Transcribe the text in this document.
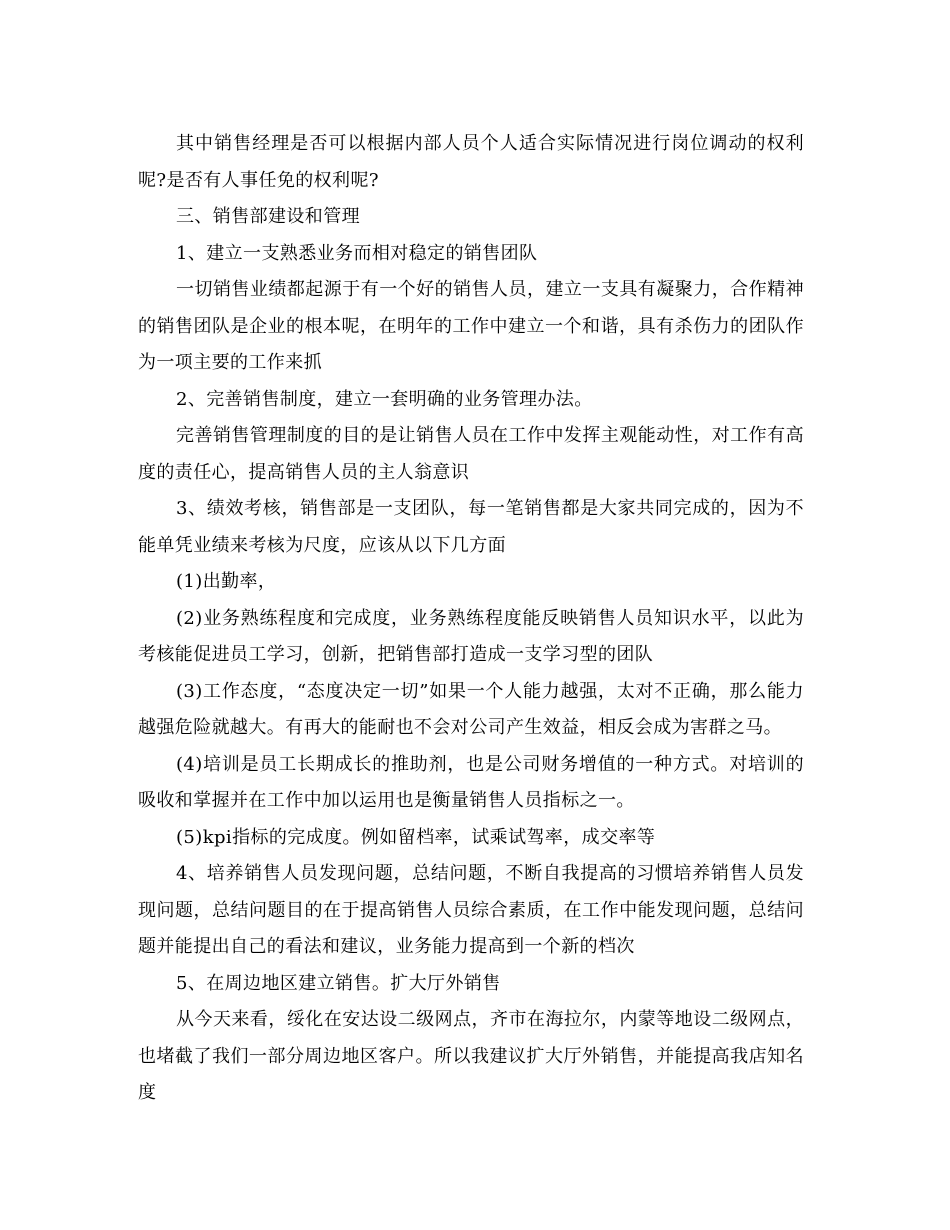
其中销售经理是否可以根据内部人员个人适合实际情况进行岗位调动的权利呢?是否有人事任免的权利呢?

三、销售部建设和管理

1、建立一支熟悉业务而相对稳定的销售团队

一切销售业绩都起源于有一个好的销售人员，建立一支具有凝聚力，合作精神的销售团队是企业的根本呢，在明年的工作中建立一个和谐，具有杀伤力的团队作为一项主要的工作来抓

2、完善销售制度，建立一套明确的业务管理办法。

完善销售管理制度的目的是让销售人员在工作中发挥主观能动性，对工作有高度的责任心，提高销售人员的主人翁意识

3、绩效考核，销售部是一支团队，每一笔销售都是大家共同完成的，因为不能单凭业绩来考核为尺度，应该从以下几方面

(1)出勤率，

(2)业务熟练程度和完成度，业务熟练程度能反映销售人员知识水平，以此为考核能促进员工学习，创新，把销售部打造成一支学习型的团队

(3)工作态度，“态度决定一切”如果一个人能力越强，太对不正确，那么能力越强危险就越大。有再大的能耐也不会对公司产生效益，相反会成为害群之马。

(4)培训是员工长期成长的推助剂，也是公司财务增值的一种方式。对培训的吸收和掌握并在工作中加以运用也是衡量销售人员指标之一。

(5)kpi指标的完成度。例如留档率，试乘试驾率，成交率等

4、培养销售人员发现问题，总结问题，不断自我提高的习惯培养销售人员发现问题，总结问题目的在于提高销售人员综合素质，在工作中能发现问题，总结问题并能提出自己的看法和建议，业务能力提高到一个新的档次

5、在周边地区建立销售。扩大厅外销售

从今天来看，绥化在安达设二级网点，齐市在海拉尔，内蒙等地设二级网点，也堵截了我们一部分周边地区客户。所以我建议扩大厅外销售，并能提高我店知名度
